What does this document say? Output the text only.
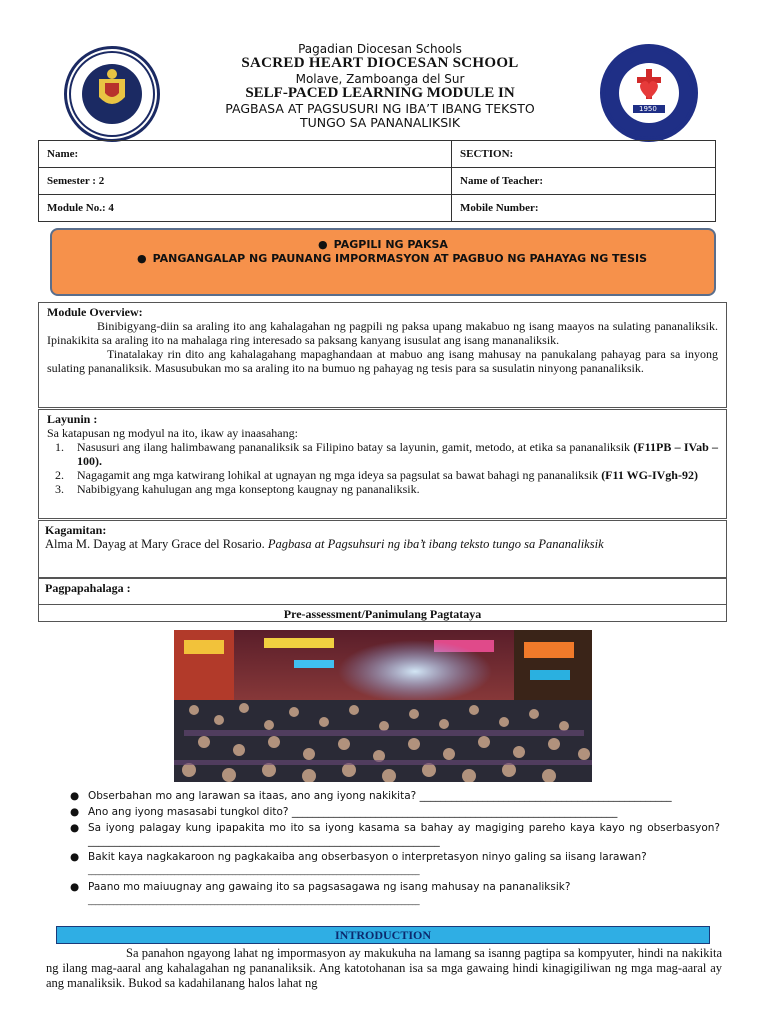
1950
Pagadian Diocesan Schools
SACRED HEART DIOCESAN SCHOOL
Molave, Zamboanga del Sur
SELF-PACED LEARNING MODULE IN
PAGBASA AT PAGSUSURI NG IBA’T IBANG TEKSTO
TUNGO SA PANANALIKSIK
Name:	SECTION:
Semester : 2	Name of Teacher:
Module No.: 4	Mobile Number:
● PAGPILI NG PAKSA
● PANGANGALAP NG PAUNANG IMPORMASYON AT PAGBUO NG PAHAYAG NG TESIS

Module Overview:

Binibigyang-diin sa araling ito ang kahalagahan ng pagpili ng paksa upang makabuo ng isang maayos na sulating pananaliksik. Ipinakikita sa araling ito na mahalaga ring interesado sa paksang kanyang isusulat ang isang mananaliksik.

Tinatalakay rin dito ang kahalagahang mapaghandaan at mabuo ang isang mahusay na panukalang pahayag para sa inyong sulating pananaliksik. Masusubukan mo sa araling ito na bumuo ng pahayag ng tesis para sa susulatin ninyong pananaliksik.

Layunin :

Sa katapusan ng modyul na ito, ikaw ay inaasahang:

1. Nasusuri ang ilang halimbawang pananaliksik sa Filipino batay sa layunin, gamit, metodo, at etika sa pananaliksik (F11PB – IVab – 100).
2. Nagagamit ang mga katwirang lohikal at ugnayan ng mga ideya sa pagsulat sa bawat bahagi ng pananaliksik (F11 WG-IVgh-92)
3. Nabibigyang kahulugan ang mga konseptong kaugnay ng pananaliksik.

Kagamitan:

Alma M. Dayag at Mary Grace del Rosario. Pagbasa at Pagsuhsuri ng iba’t ibang teksto tungo sa Pananaliksik

Pagpapahalaga :

Pre-assessment/Panimulang Pagtataya

● Obserbahan mo ang larawan sa itaas, ano ang iyong nakikita? ________________________________________________
● Ano ang iyong masasabi tungkol dito? ______________________________________________________________
● Sa iyong palagay kung ipapakita mo ito sa iyong kasama sa bahay ay magiging pareho kaya kayo ng obserbasyon? ___________________________________________________________________
● Bakit kaya nagkakaroon ng pagkakaiba ang obserbasyon o interpretasyon ninyo galing sa iisang larawan?
____________________________________________________________________________________________
● Paano mo maiuugnay ang gawaing ito sa pagsasagawa ng isang mahusay na pananaliksik?
____________________________________________________________________________________________
INTRODUCTION
Sa panahon ngayong lahat ng impormasyon ay makukuha na lamang sa isanng pagtipa sa kompyuter, hindi na nakikita ng ilang mag-aaral ang kahalagahan ng pananaliksik. Ang katotohanan isa sa mga gawaing hindi kinagigiliwan ng mga mag-aaral ay ang manaliksik. Bukod sa kadahilanang halos lahat ng
